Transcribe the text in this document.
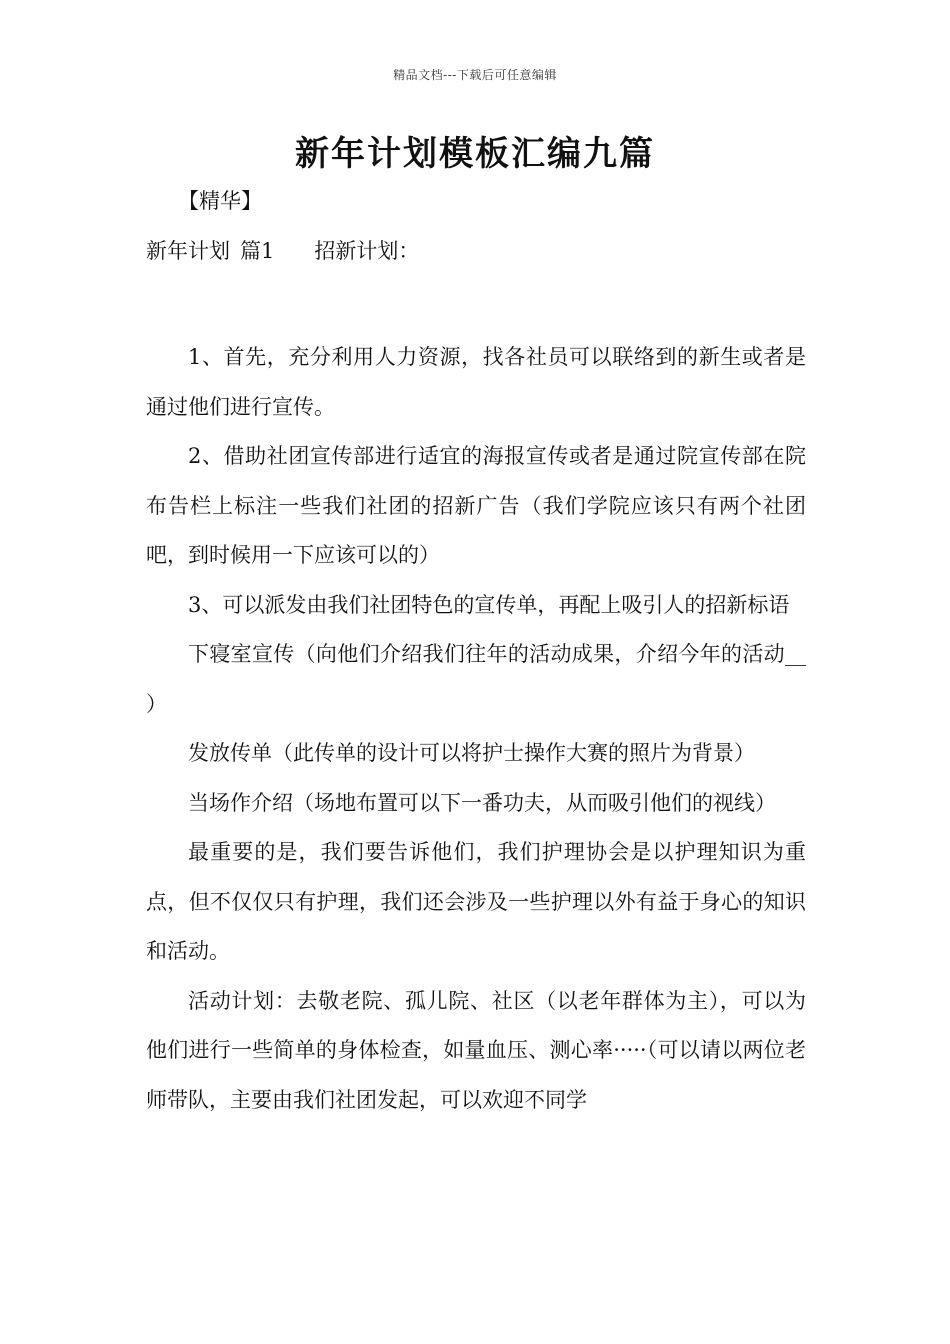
精品文档---下载后可任意编辑
新年计划模板汇编九篇
【精华】
新年计划 篇1 招新计划：

1、首先，充分利用人力资源，找各社员可以联络到的新生或者是通过他们进行宣传。

2、借助社团宣传部进行适宜的海报宣传或者是通过院宣传部在院布告栏上标注一些我们社团的招新广告（我们学院应该只有两个社团吧，到时候用一下应该可以的）

3、可以派发由我们社团特色的宣传单，再配上吸引人的招新标语

下寝室宣传（向他们介绍我们往年的活动成果，介绍今年的活动__ ）

发放传单（此传单的设计可以将护士操作大赛的照片为背景）

当场作介绍（场地布置可以下一番功夫，从而吸引他们的视线）

最重要的是，我们要告诉他们，我们护理协会是以护理知识为重点，但不仅仅只有护理，我们还会涉及一些护理以外有益于身心的知识和活动。

活动计划：去敬老院、孤儿院、社区（以老年群体为主），可以为他们进行一些简单的身体检查，如量血压、测心率·····（可以请以两位老师带队，主要由我们社团发起，可以欢迎不同学
